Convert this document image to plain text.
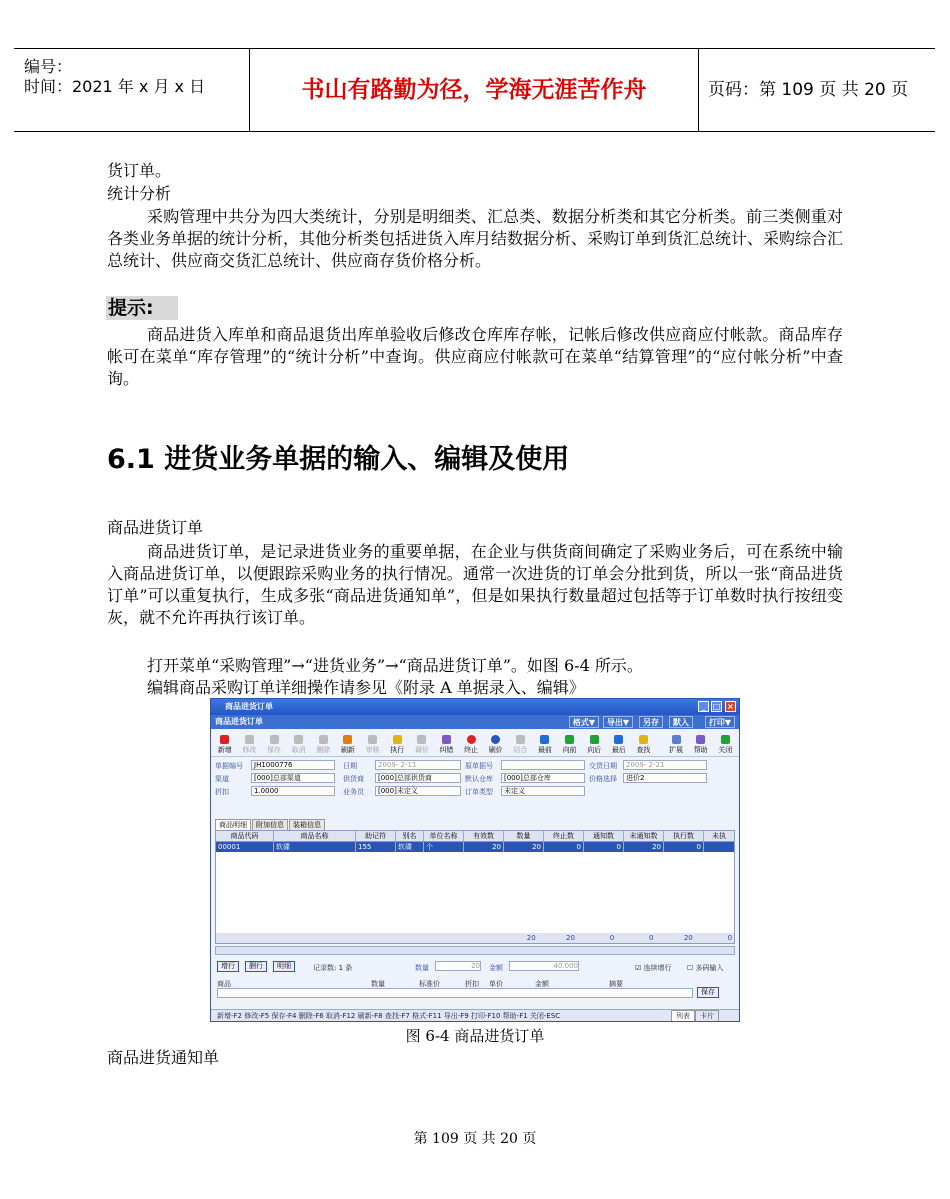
编号：
时间：2021 年 x 月 x 日	书山有路勤为径，学海无涯苦作舟	页码：第 109 页 共 20 页
货订单。
统计分析
采购管理中共分为四大类统计，分别是明细类、汇总类、数据分析类和其它分析类。前三类侧重对各类业务单据的统计分析，其他分析类包括进货入库月结数据分析、采购订单到货汇总统计、采购综合汇总统计、供应商交货汇总统计、供应商存货价格分析。
提示:
商品进货入库单和商品退货出库单验收后修改仓库库存帐，记帐后修改供应商应付帐款。商品库存帐可在菜单“库存管理”的“统计分析”中查询。供应商应付帐款可在菜单“结算管理”的“应付帐分析”中查询。
6.1 进货业务单据的输入、编辑及使用
商品进货订单
商品进货订单，是记录进货业务的重要单据，在企业与供货商间确定了采购业务后，可在系统中输入商品进货订单，以便跟踪采购业务的执行情况。通常一次进货的订单会分批到货，所以一张“商品进货订单”可以重复执行，生成多张“商品进货通知单”，但是如果执行数量超过包括等于订单数时执行按纽变灰，就不允许再执行该订单。
打开菜单“采购管理”→“进货业务”→“商品进货订单”。如图 6-4 所示。
编辑商品采购订单详细操作请参见《附录 A 单据录入、编辑》
商品进货订单	_ □ ×
商品进货订单	格式▼	导出▼	另存	默入	打印▼
新增	修改	保存	取消	删除	刷新	审核	执行	调价	纠错	终止	刷价	结合	最前	向前	向后	最后	查找	扩展	帮助	关闭
单据编号	JH1000776	日期	2009- 2-11	原单据号	交货日期	2009- 2-21
渠道	[000]总部渠道	供货商	[000]总部供货商	默认仓库	[000]总部仓库	价格选择	进价2
折扣	1.0000	业务员	[000]未定义	订单类型	未定义
商品明细 附加信息 装箱信息
商品代码	商品名称	助记符	别名	单位名称	有效数	数量	终止数	通知数	未通知数	执行数	未执
00001	软碟	155	软碟	个	20	20	0	0	20	0
20	20	0	0	20	0
增行	删行	明细	记录数: 1 条	数量	20 金额	40.000	☑ 连续增行 ☐ 多码输入
商品	数量	标准价	折扣 单价	金额	摘要
保存
新增-F2 修改-F5 保存-F4 删除-F6 取消-F12 刷新-F8 查找-F7 格式-F11 导出-F9 打印-F10 帮助-F1 关闭-ESC	列表	卡片
图 6-4 商品进货订单
商品进货通知单
第 109 页 共 20 页
